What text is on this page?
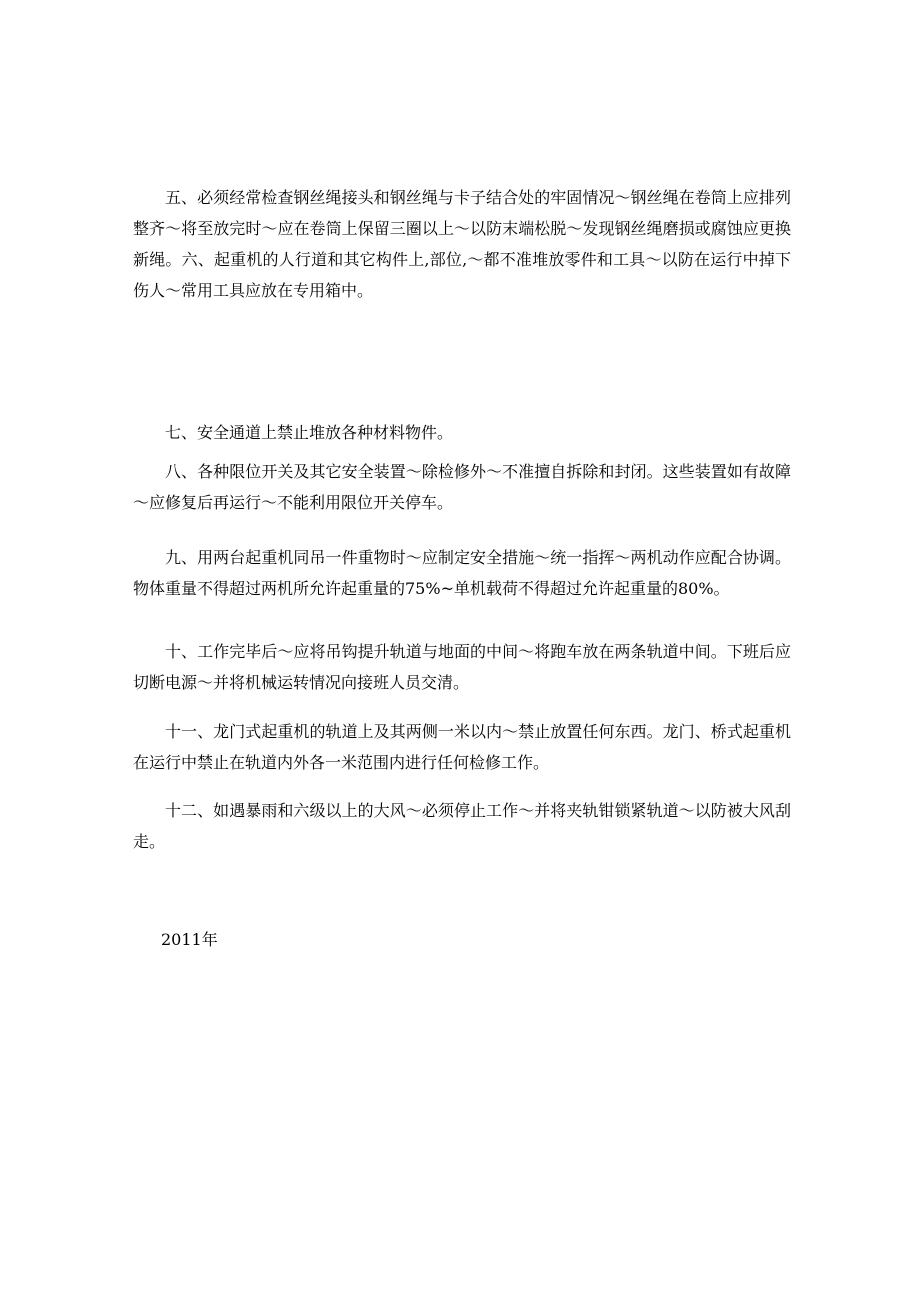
五、必须经常检查钢丝绳接头和钢丝绳与卡子结合处的牢固情况～钢丝绳在卷筒上应排列整齐～将至放完时～应在卷筒上保留三圈以上～以防末端松脱～发现钢丝绳磨损或腐蚀应更换新绳。六、起重机的人行道和其它构件上,部位,～都不准堆放零件和工具～以防在运行中掉下伤人～常用工具应放在专用箱中。

七、安全通道上禁止堆放各种材料物件。

八、各种限位开关及其它安全装置～除检修外～不准擅自拆除和封闭。这些装置如有故障～应修复后再运行～不能利用限位开关停车。

九、用两台起重机同吊一件重物时～应制定安全措施～统一指挥～两机动作应配合协调。物体重量不得超过两机所允许起重量的75%~单机载荷不得超过允许起重量的80%。

十、工作完毕后～应将吊钩提升轨道与地面的中间～将跑车放在两条轨道中间。下班后应切断电源～并将机械运转情况向接班人员交清。

十一、龙门式起重机的轨道上及其两侧一米以内～禁止放置任何东西。龙门、桥式起重机在运行中禁止在轨道内外各一米范围内进行任何检修工作。

十二、如遇暴雨和六级以上的大风～必须停止工作～并将夹轨钳锁紧轨道～以防被大风刮走。

2011年
